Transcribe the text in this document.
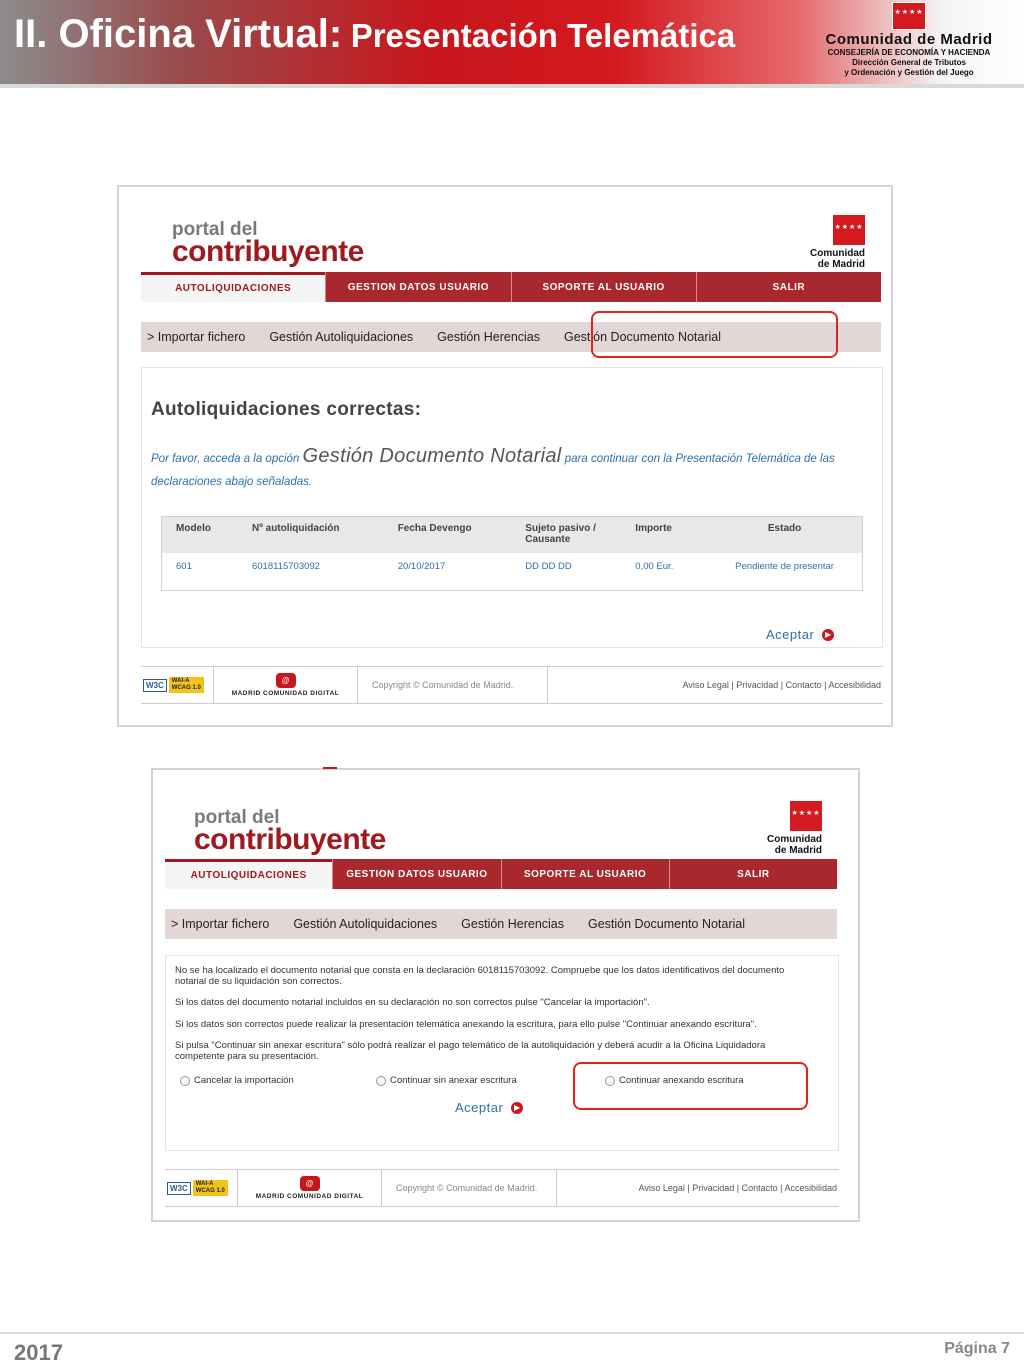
II. Oficina Virtual: Presentación Telemática
★★★★
Comunidad de Madrid
CONSEJERÍA DE ECONOMÍA Y HACIENDA
Dirección General de Tributos
y Ordenación y Gestión del Juego
portal del
contribuyente
★★★★
Comunidad
de Madrid
AUTOLIQUIDACIONES	GESTION DATOS USUARIO	SOPORTE AL USUARIO	SALIR
> Importar fichero Gestión Autoliquidaciones Gestión Herencias Gestión Documento Notarial
Autoliquidaciones correctas:
Por favor, acceda a la opción Gestión Documento Notarial para continuar con la Presentación Telemática de las declaraciones abajo señaladas.
Modelo	Nº autoliquidación	Fecha Devengo	Sujeto pasivo / Causante	Importe	Estado
601	6018115703092	20/10/2017	DD DD DD	0,00 Eur.	Pendiente de presentar
Aceptar	▶
W3C	WAI-A
WCAG 1.0
@
MADRID COMUNIDAD DIGITAL
Copyright © Comunidad de Madrid.	Aviso Legal | Privacidad | Contacto | Accesibilidad
portal del
contribuyente
★★★★
Comunidad
de Madrid
AUTOLIQUIDACIONES	GESTION DATOS USUARIO	SOPORTE AL USUARIO	SALIR
> Importar fichero Gestión Autoliquidaciones Gestión Herencias Gestión Documento Notarial
No se ha localizado el documento notarial que consta en la declaración 6018115703092. Compruebe que los datos identificativos del documento notarial de su liquidación son correctos.
Si los datos del documento notarial incluidos en su declaración no son correctos pulse "Cancelar la importación".
Si los datos son correctos puede realizar la presentación telemática anexando la escritura, para ello pulse "Continuar anexando escritura".
Si pulsa "Continuar sin anexar escritura" sólo podrá realizar el pago telemático de la autoliquidación y deberá acudir a la Oficina Liquidadora competente para su presentación.
Cancelar la importación	Continuar sin anexar escritura	Continuar anexando escritura
Aceptar	▶
W3C	WAI-A
WCAG 1.0
@
MADRID COMUNIDAD DIGITAL
Copyright © Comunidad de Madrid.	Aviso Legal | Privacidad | Contacto | Accesibilidad
2017	Página 7
